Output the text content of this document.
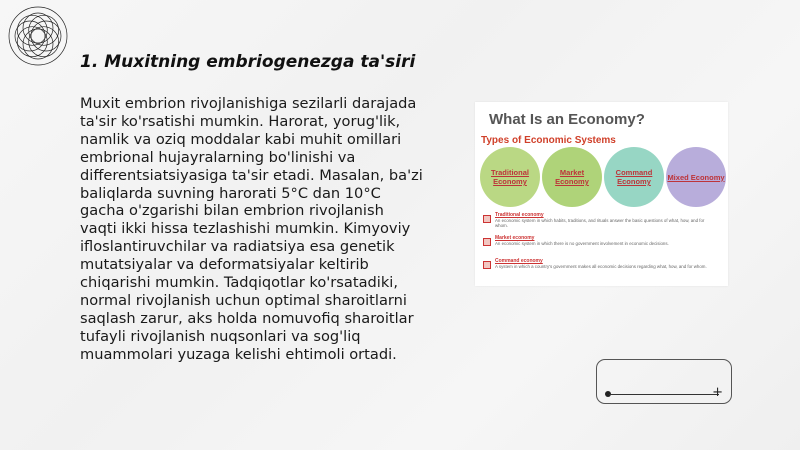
1. Muxitning embriogenezga ta'siri

Muxit embrion rivojlanishiga sezilarli darajada ta'sir ko'rsatishi mumkin. Harorat, yorug'lik, namlik va oziq moddalar kabi muhit omillari embrional hujayralarning bo'linishi va differentsiatsiyasiga ta'sir etadi. Masalan, ba'zi baliqlarda suvning harorati 5°C dan 10°C gacha o'zgarishi bilan embrion rivojlanish vaqti ikki hissa tezlashishi mumkin. Kimyoviy ifloslantiruvchilar va radiatsiya esa genetik mutatsiyalar va deformatsiyalar keltirib chiqarishi mumkin. Tadqiqotlar ko'rsatadiki, normal rivojlanish uchun optimal sharoitlarni saqlash zarur, aks holda nomuvofiq sharoitlar tufayli rivojlanish nuqsonlari va sog'liq muammolari yuzaga kelishi ehtimoli ortadi.

What Is an Economy?
Types of Economic Systems
Traditional Economy
Market Economy
Command Economy	Mixed Economy
Traditional economy
An economic system in which habits, traditions, and rituals answer the basic questions of what, how, and for whom.
Market economy
An economic system in which there is no government involvement in economic decisions.
Command economy
A system in which a country's government makes all economic decisions regarding what, how, and for whom.
+
